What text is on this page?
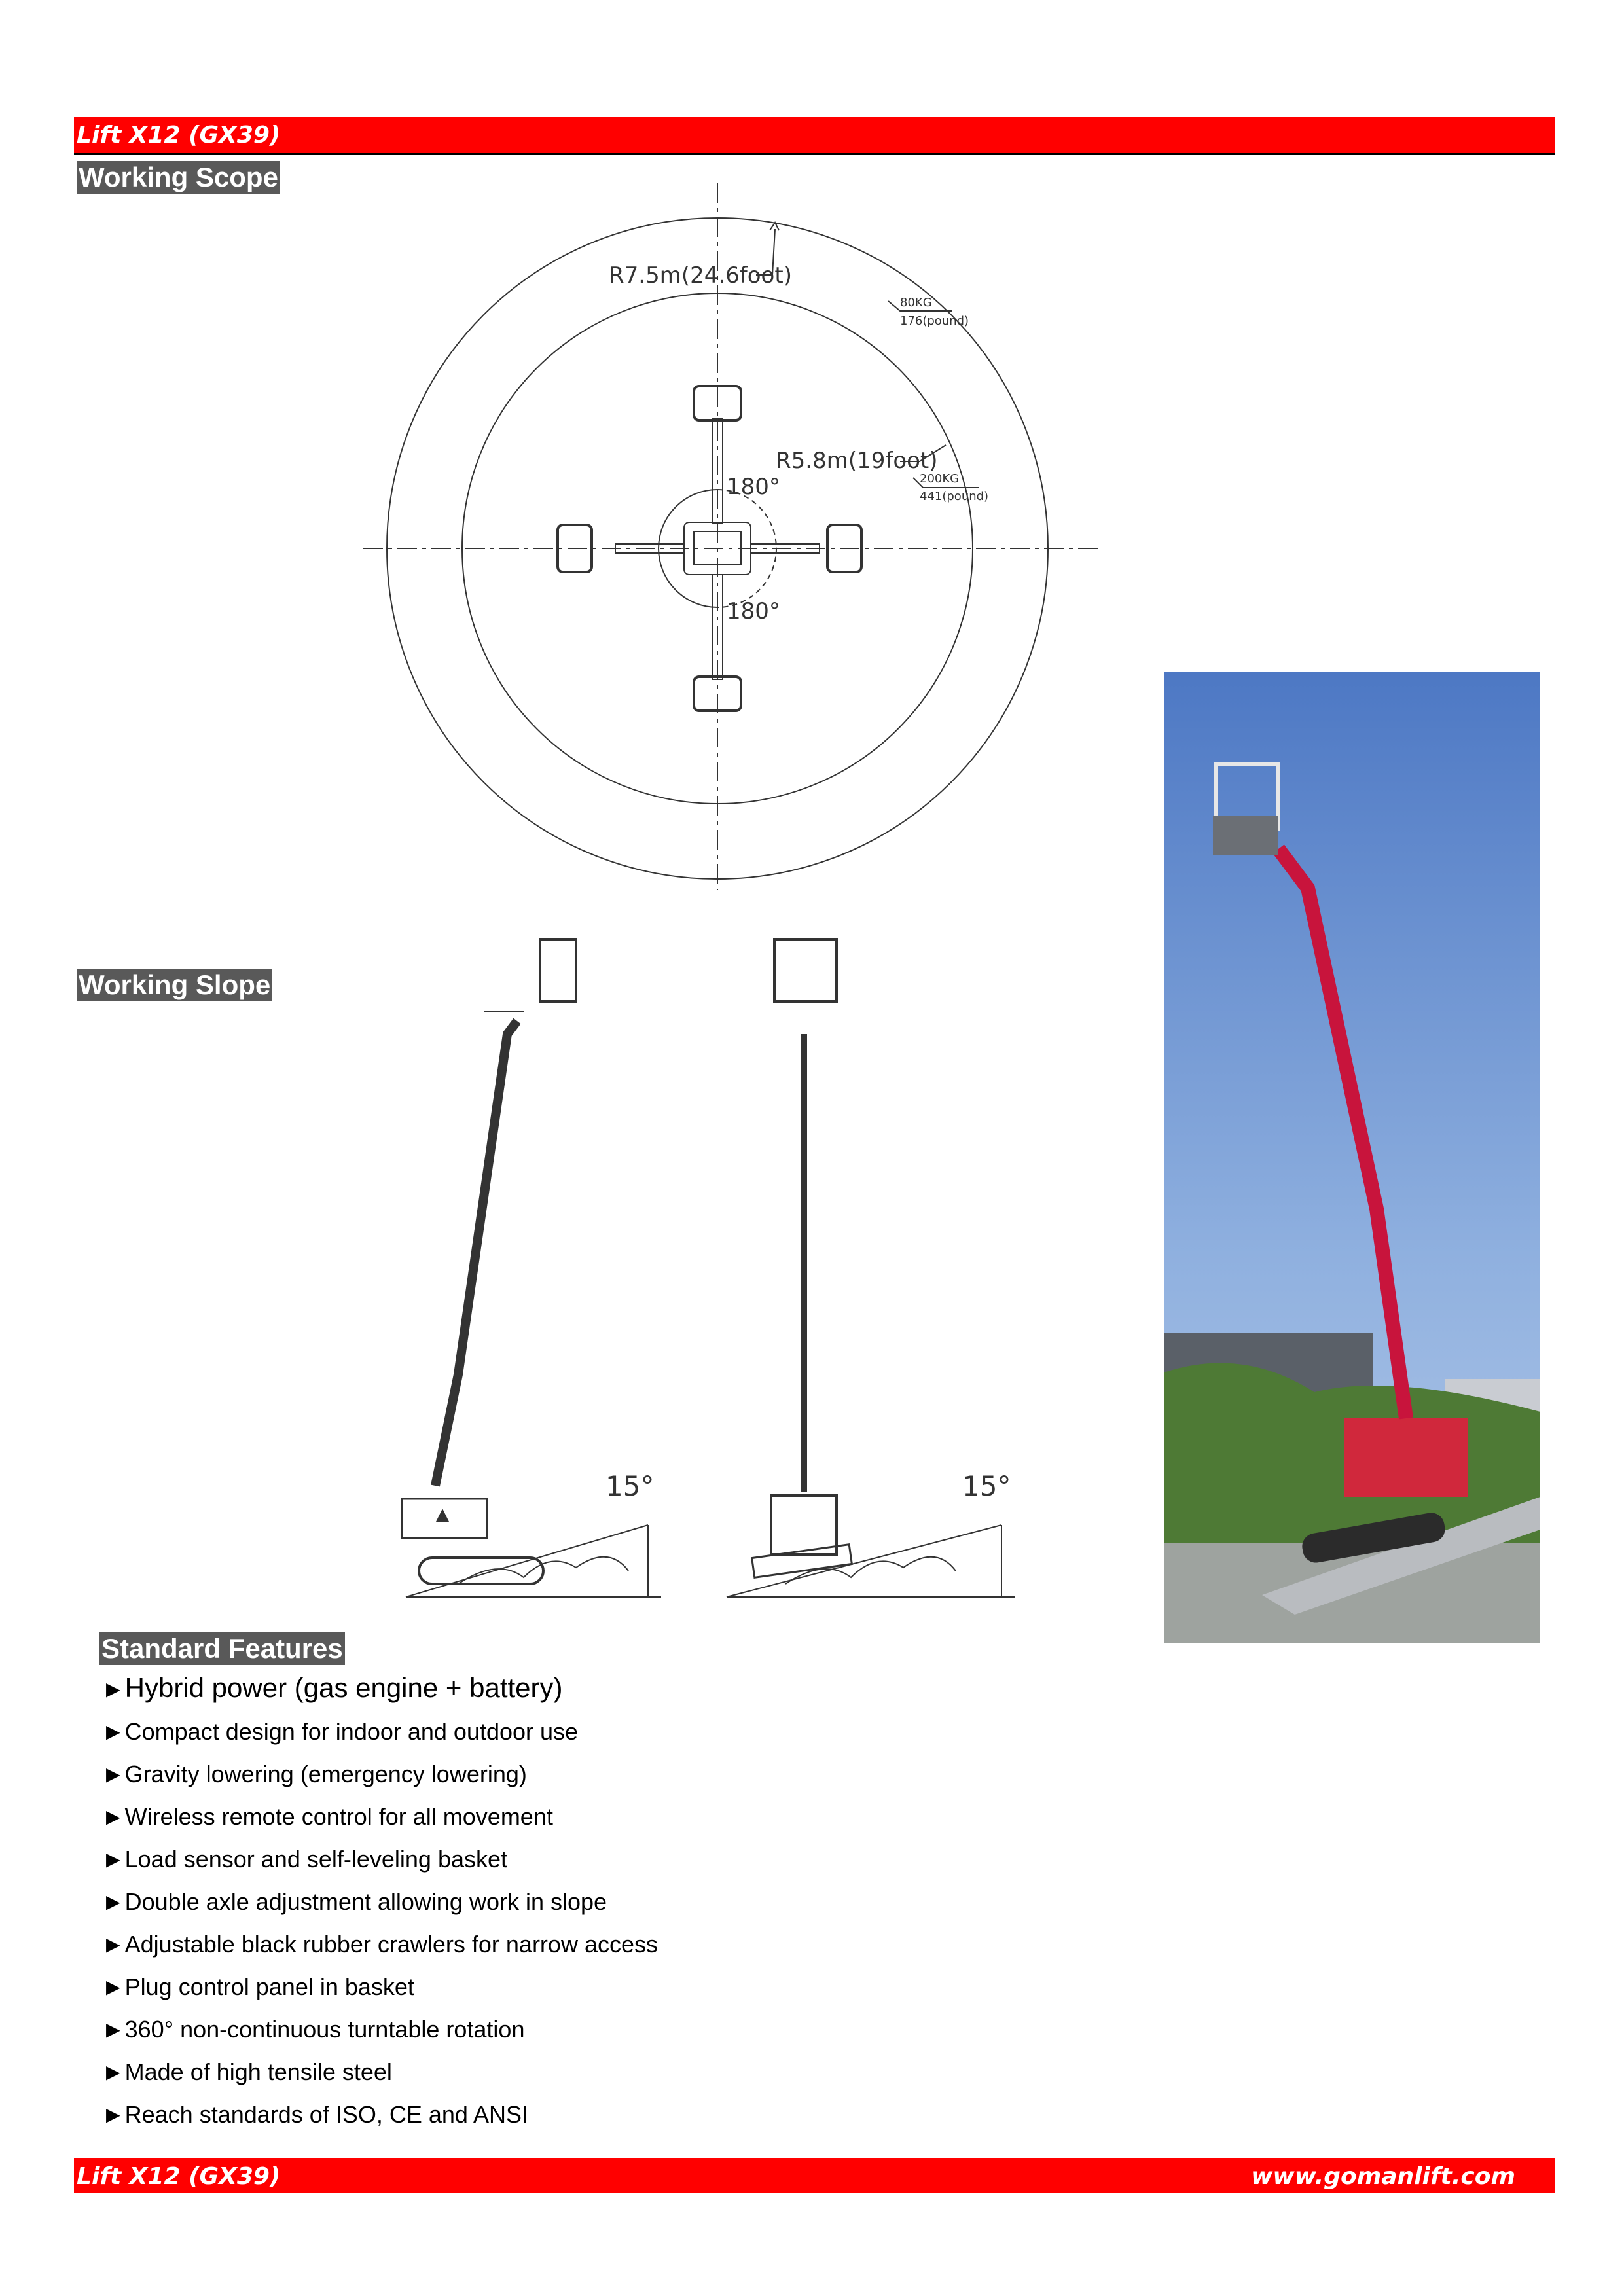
Lift X12 (GX39)
Working Scope
Working Slope
Standard Features
R7.5m(24.6foot)
80KG
176(pound)
R5.8m(19foot)
200KG
441(pound)
180°
180°
15°	15°
►Hybrid power (gas engine + battery)
►Compact design for indoor and outdoor use
►Gravity lowering (emergency lowering)
►Wireless remote control for all movement
►Load sensor and self-leveling basket
►Double axle adjustment allowing work in slope
►Adjustable black rubber crawlers for narrow access
►Plug control panel in basket
►360° non-continuous turntable rotation
►Made of high tensile steel
►Reach standards of ISO, CE and ANSI
Lift X12 (GX39)	www.gomanlift.com
